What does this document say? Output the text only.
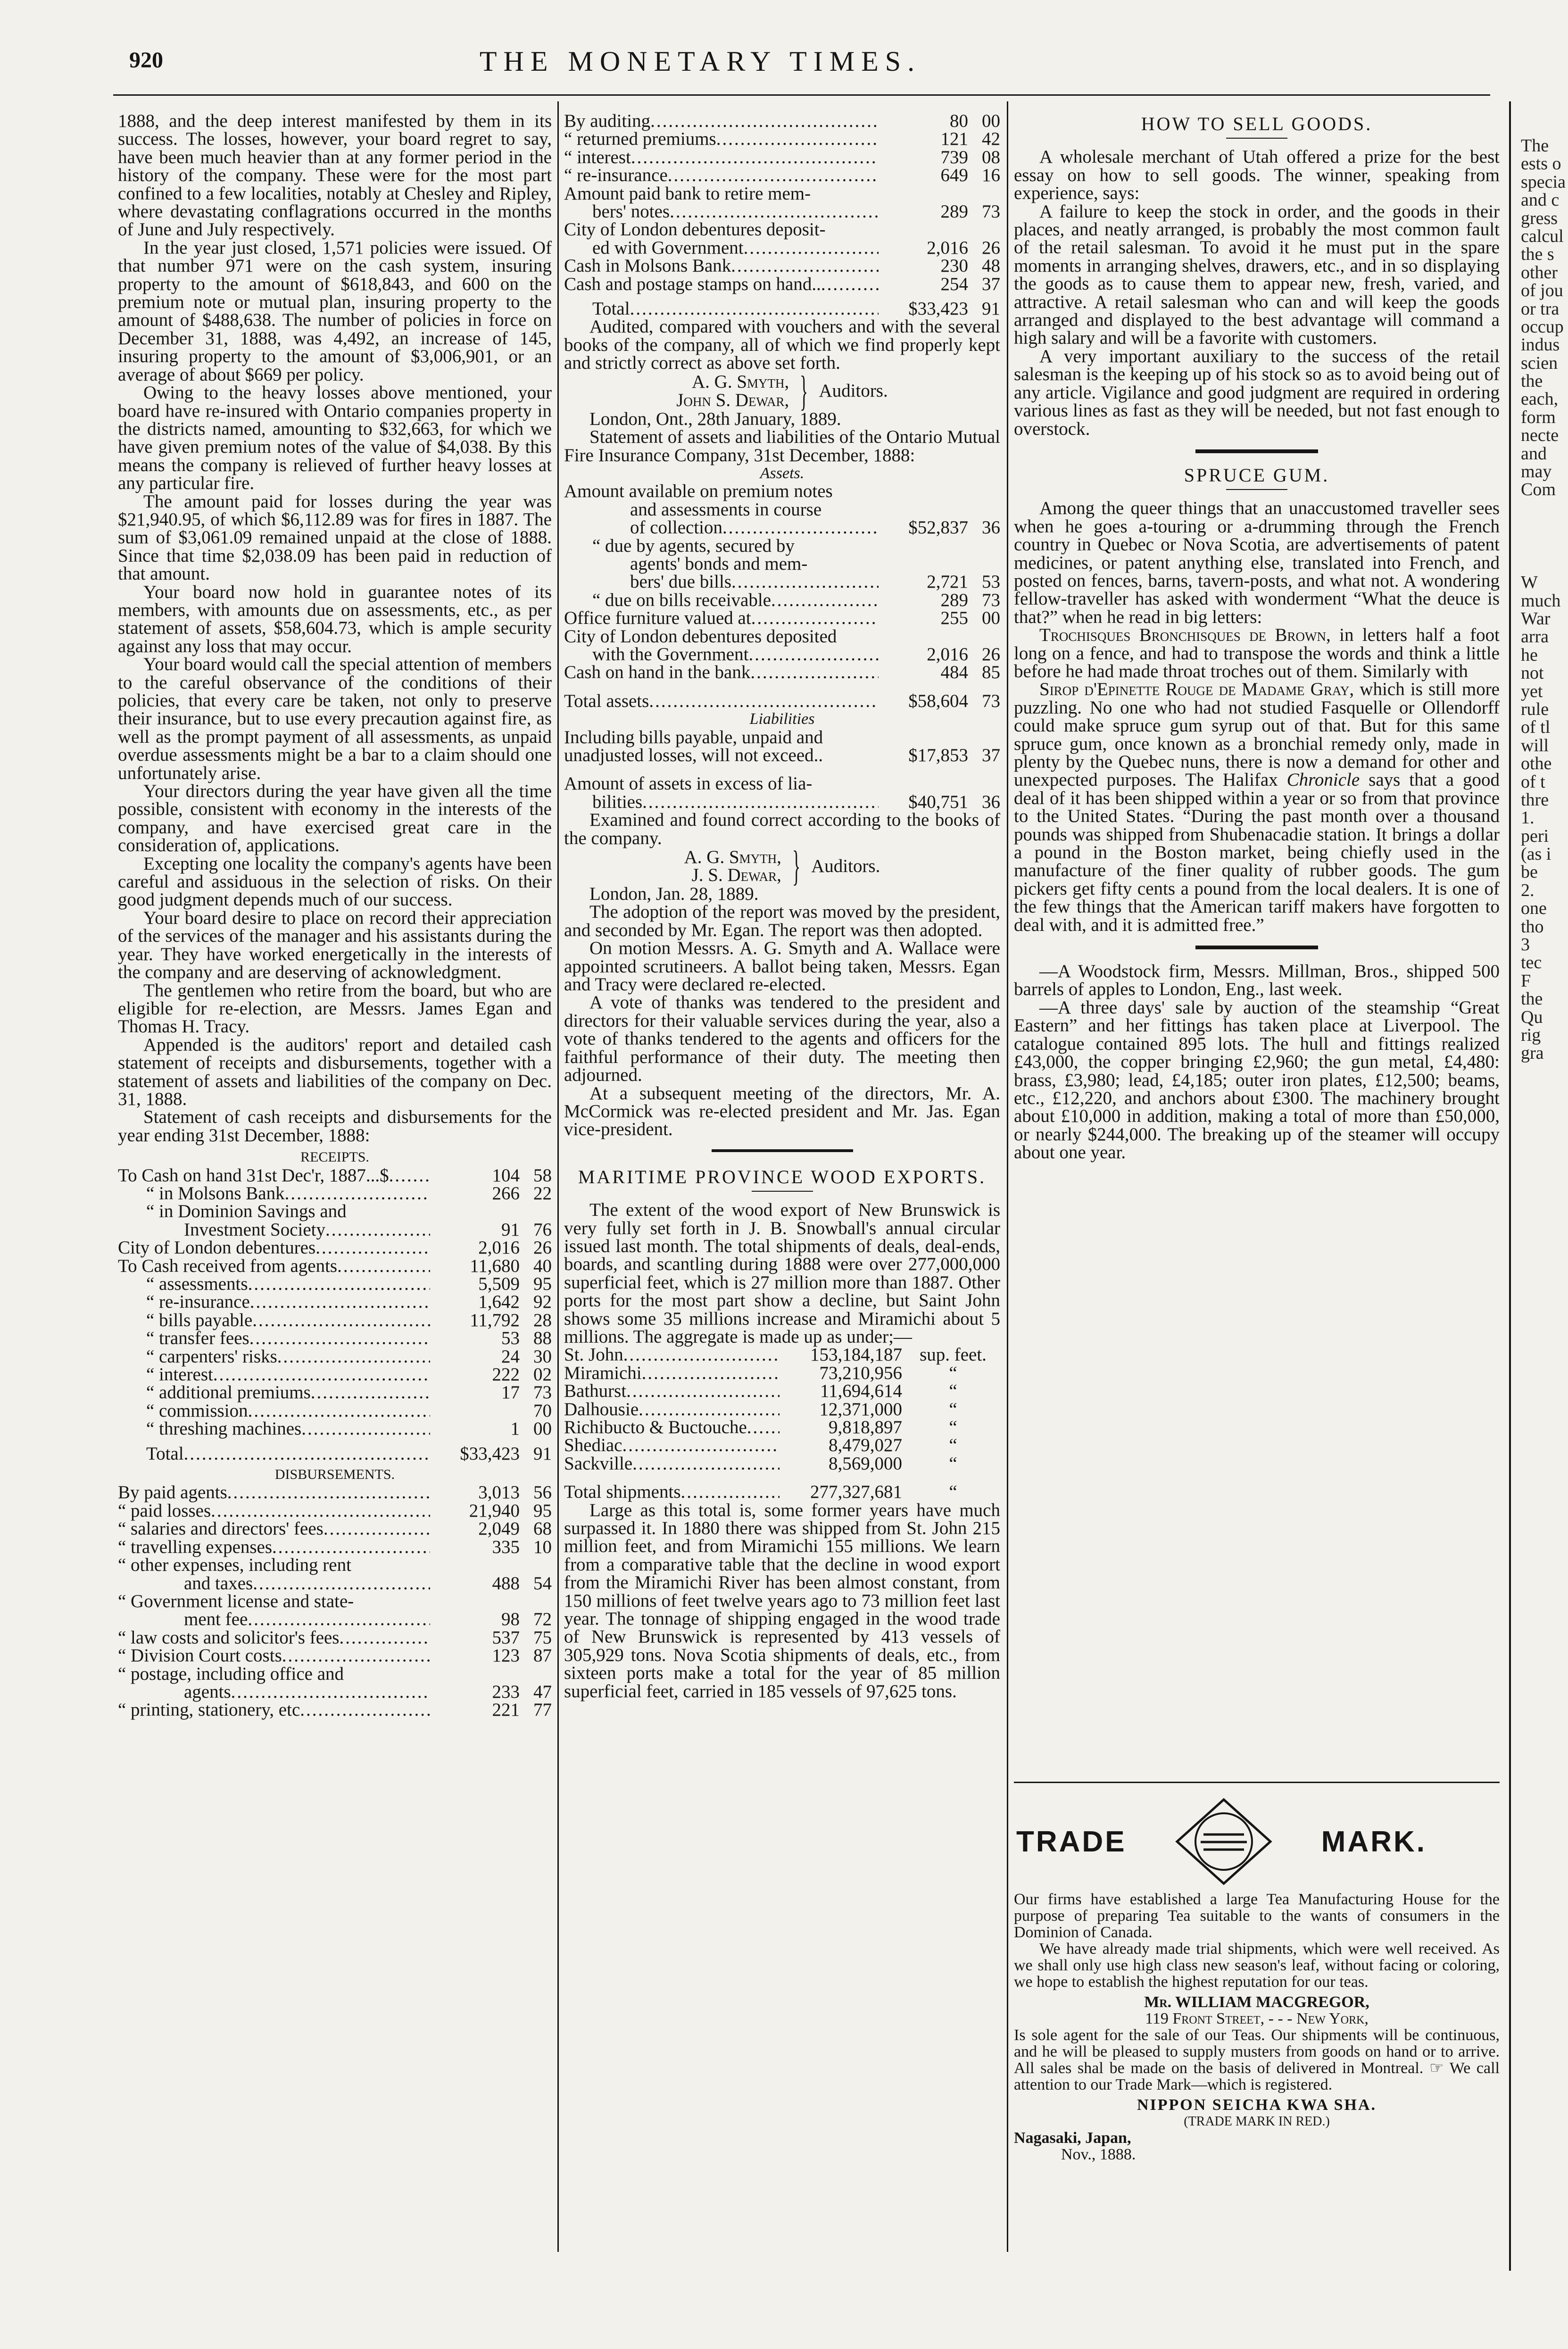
920	THE MONETARY TIMES.

1888, and the deep interest manifested by them in its success. The losses, however, your board regret to say, have been much heavier than at any former period in the history of the company. These were for the most part confined to a few localities, notably at Chesley and Ripley, where devastating conflagrations occurred in the months of June and July respectively.

In the year just closed, 1,571 policies were issued. Of that number 971 were on the cash system, insuring property to the amount of $618,843, and 600 on the premium note or mutual plan, insuring property to the amount of $488,638. The number of policies in force on December 31, 1888, was 4,492, an increase of 145, insuring property to the amount of $3,006,901, or an average of about $669 per policy.

Owing to the heavy losses above mentioned, your board have re-insured with Ontario companies property in the districts named, amounting to $32,663, for which we have given premium notes of the value of $4,038. By this means the company is relieved of further heavy losses at any particular fire.

The amount paid for losses during the year was $21,940.95, of which $6,112.89 was for fires in 1887. The sum of $3,061.09 remained unpaid at the close of 1888. Since that time $2,038.09 has been paid in reduction of that amount.

Your board now hold in guarantee notes of its members, with amounts due on assessments, etc., as per statement of assets, $58,604.73, which is ample security against any loss that may occur.

Your board would call the special attention of members to the careful observance of the conditions of their policies, that every care be taken, not only to preserve their insurance, but to use every precaution against fire, as well as the prompt payment of all assessments, as unpaid overdue assessments might be a bar to a claim should one unfortunately arise.

Your directors during the year have given all the time possible, consistent with economy in the interests of the company, and have exercised great care in the consideration of, applications.

Excepting one locality the company's agents have been careful and assiduous in the selection of risks. On their good judgment depends much of our success.

Your board desire to place on record their appreciation of the services of the manager and his assistants during the year. They have worked energetically in the interests of the company and are deserving of acknowledgment.

The gentlemen who retire from the board, but who are eligible for re-election, are Messrs. James Egan and Thomas H. Tracy.

Appended is the auditors' report and detailed cash statement of receipts and disbursements, together with a statement of assets and liabilities of the company on Dec. 31, 1888.

Statement of cash receipts and disbursements for the year ending 31st December, 1888:

RECEIPTS.
To Cash on hand 31st Dec'r, 1887...$ .....	104 58
“ in Molsons Bank .....	266 22
“ in Dominion Savings and
Investment Society .....	91 76
City of London debentures .....	2,016 26
To Cash received from agents .....	11,680 40
“ assessments .....	5,509 95
“ re-insurance .....	1,642 92
“ bills payable .....	11,792 28
“ transfer fees .....	53 88
“ carpenters' risks .....	24 30
“ interest .....	222 02
“ additional premiums .....	17 73
“ commission .....	70
“ threshing machines .....	1 00
Total .....	$33,423 91
DISBURSEMENTS.
By paid agents .....	3,013 56
“ paid losses .....	21,940 95
“ salaries and directors' fees .....	2,049 68
“ travelling expenses .....	335 10
“ other expenses, including rent
and taxes .....	488 54
“ Government license and state-
ment fee .....	98 72
“ law costs and solicitor's fees .....	537 75
“ Division Court costs .....	123 87
“ postage, including office and
agents .....	233 47
“ printing, stationery, etc .....	221 77
By auditing .....	80 00
“ returned premiums .....	121 42
“ interest .....	739 08
“ re-insurance .....	649 16
Amount paid bank to retire mem-
bers' notes .....	289 73
City of London debentures deposit-
ed with Government .....	2,016 26
Cash in Molsons Bank .....	230 48
Cash and postage stamps on hand.. .....	254 37
Total .....	$33,423 91

Audited, compared with vouchers and with the several books of the company, all of which we find properly kept and strictly correct as above set forth.

A. G. Smyth,
John S. Dewar, } Auditors.

London, Ont., 28th January, 1889.

Statement of assets and liabilities of the Ontario Mutual Fire Insurance Company, 31st December, 1888:

Assets.
Amount available on premium notes
and assessments in course
of collection .....	$52,837 36
“ due by agents, secured by
agents' bonds and mem-
bers' due bills .....	2,721 53
“ due on bills receivable .....	289 73
Office furniture valued at .....	255 00
City of London debentures deposited
with the Government .....	2,016 26
Cash on hand in the bank .....	484 85
Total assets .....	$58,604 73
Liabilities
Including bills payable, unpaid and
unadjusted losses, will not exceed..	$17,853 37
Amount of assets in excess of lia-
bilities .....	$40,751 36

Examined and found correct according to the books of the company.

A. G. Smyth,
J. S. Dewar, } Auditors.

London, Jan. 28, 1889.

The adoption of the report was moved by the president, and seconded by Mr. Egan. The report was then adopted.

On motion Messrs. A. G. Smyth and A. Wallace were appointed scrutineers. A ballot being taken, Messrs. Egan and Tracy were declared re-elected.

A vote of thanks was tendered to the president and directors for their valuable services during the year, also a vote of thanks tendered to the agents and officers for the faithful performance of their duty. The meeting then adjourned.

At a subsequent meeting of the directors, Mr. A. McCormick was re-elected president and Mr. Jas. Egan vice-president.

MARITIME PROVINCE WOOD EXPORTS.

The extent of the wood export of New Brunswick is very fully set forth in J. B. Snowball's annual circular issued last month. The total shipments of deals, deal-ends, boards, and scantling during 1888 were over 277,000,000 superficial feet, which is 27 million more than 1887. Other ports for the most part show a decline, but Saint John shows some 35 millions increase and Miramichi about 5 millions. The aggregate is made up as under;—

St. John .....	153,184,187 sup. feet.
Miramichi .....	73,210,956	“
Bathurst .....	11,694,614	“
Dalhousie .....	12,371,000	“
Richibucto & Buctouche .....	9,818,897	“
Shediac .....	8,479,027	“
Sackville .....	8,569,000	“
Total shipments .....	277,327,681	“

Large as this total is, some former years have much surpassed it. In 1880 there was shipped from St. John 215 million feet, and from Miramichi 155 millions. We learn from a comparative table that the decline in wood export from the Miramichi River has been almost constant, from 150 millions of feet twelve years ago to 73 million feet last year. The tonnage of shipping engaged in the wood trade of New Brunswick is represented by 413 vessels of 305,929 tons. Nova Scotia shipments of deals, etc., from sixteen ports make a total for the year of 85 million superficial feet, carried in 185 vessels of 97,625 tons.

HOW TO SELL GOODS.

A wholesale merchant of Utah offered a prize for the best essay on how to sell goods. The winner, speaking from experience, says:

A failure to keep the stock in order, and the goods in their places, and neatly arranged, is probably the most common fault of the retail salesman. To avoid it he must put in the spare moments in arranging shelves, drawers, etc., and in so displaying the goods as to cause them to appear new, fresh, varied, and attractive. A retail salesman who can and will keep the goods arranged and displayed to the best advantage will command a high salary and will be a favorite with customers.

A very important auxiliary to the success of the retail salesman is the keeping up of his stock so as to avoid being out of any article. Vigilance and good judgment are required in ordering various lines as fast as they will be needed, but not fast enough to overstock.

SPRUCE GUM.

Among the queer things that an unaccustomed traveller sees when he goes a-touring or a-drumming through the French country in Quebec or Nova Scotia, are advertisements of patent medicines, or patent anything else, translated into French, and posted on fences, barns, tavern-posts, and what not. A wondering fellow-traveller has asked with wonderment “What the deuce is that?” when he read in big letters:

Trochisques Bronchisques de Brown, in letters half a foot long on a fence, and had to transpose the words and think a little before he had made throat troches out of them. Similarly with

Sirop d'Epinette Rouge de Madame Gray, which is still more puzzling. No one who had not studied Fasquelle or Ollendorff could make spruce gum syrup out of that. But for this same spruce gum, once known as a bronchial remedy only, made in plenty by the Quebec nuns, there is now a demand for other and unexpected purposes. The Halifax Chronicle says that a good deal of it has been shipped within a year or so from that province to the United States. “During the past month over a thousand pounds was shipped from Shubenacadie station. It brings a dollar a pound in the Boston market, being chiefly used in the manufacture of the finer quality of rubber goods. The gum pickers get fifty cents a pound from the local dealers. It is one of the few things that the American tariff makers have forgotten to deal with, and it is admitted free.”

—A Woodstock firm, Messrs. Millman, Bros., shipped 500 barrels of apples to London, Eng., last week.

—A three days' sale by auction of the steamship “Great Eastern” and her fittings has taken place at Liverpool. The catalogue contained 895 lots. The hull and fittings realized £43,000, the copper bringing £2,960; the gun metal, £4,480: brass, £3,980; lead, £4,185; outer iron plates, £12,500; beams, etc., £12,220, and anchors about £300. The machinery brought about £10,000 in addition, making a total of more than £50,000, or nearly $244,000. The breaking up of the steamer will occupy about one year.

TRADE	MARK.

Our firms have established a large Tea Manufacturing House for the purpose of preparing Tea suitable to the wants of consumers in the Dominion of Canada.

We have already made trial shipments, which were well received. As we shall only use high class new season's leaf, without facing or coloring, we hope to establish the highest reputation for our teas.

Mr. WILLIAM MACGREGOR,
119 Front Street, - - - New York,

Is sole agent for the sale of our Teas. Our shipments will be continuous, and he will be pleased to supply musters from goods on hand or to arrive. All sales shal be made on the basis of delivered in Montreal. ☞ We call attention to our Trade Mark—which is registered.

NIPPON SEICHA KWA SHA.
(TRADE MARK IN RED.)
Nagasaki, Japan,
Nov., 1888.
The
ests o
specia
and c
gress
calcul
the s
other
of jou
or tra
occup
indus
scien
the
each,
form
necte
and
may
Com
W
much
War
arra
he
not
yet
rule
of tl
will
othe
of t
thre
1.
peri
(as i
be
2.
one
tho
3
tec
F
the
Qu
rig
gra
